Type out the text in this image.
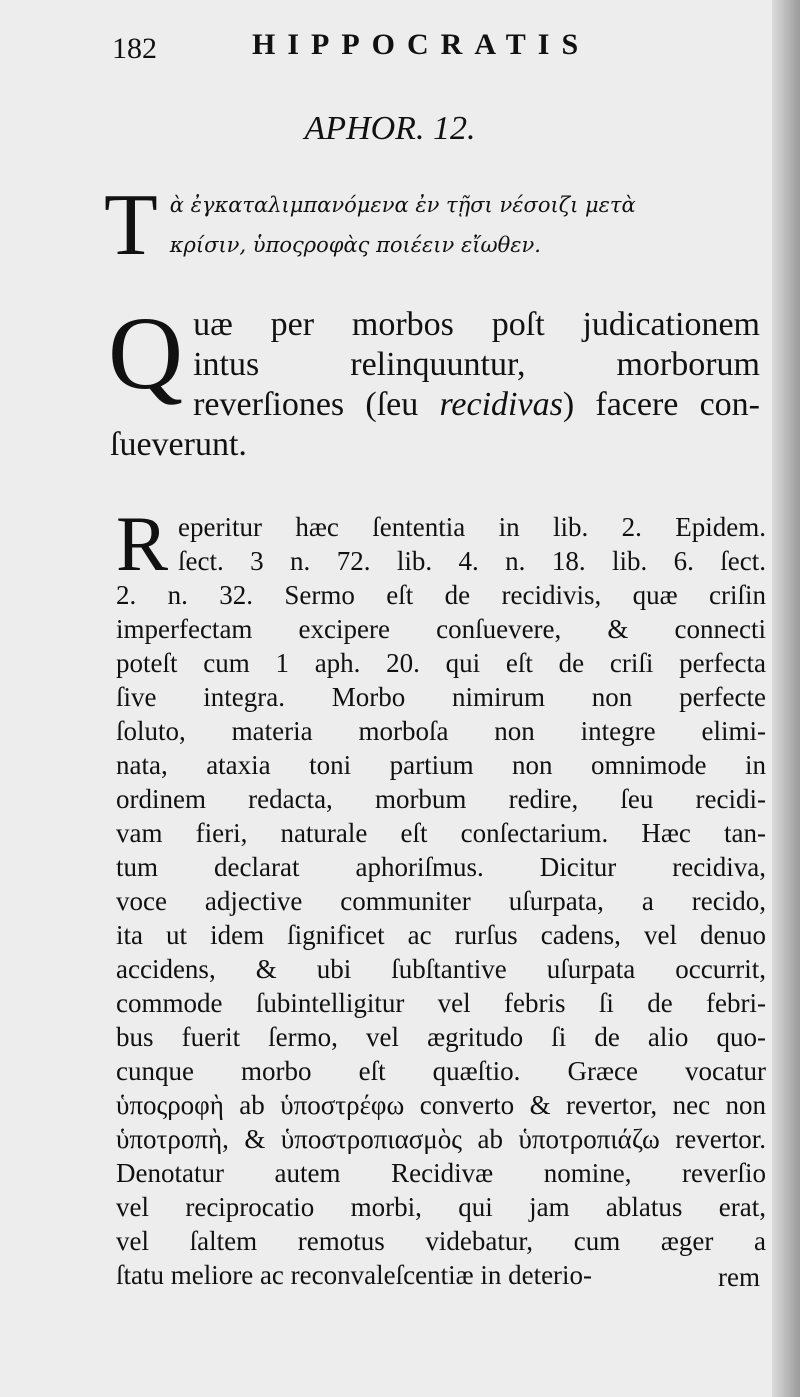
182	HIPPOCRATIS
APHOR. 12.
T ὰ ἐγκαταλιμπανόμενα ἐν τῇσι νέσοιζι μετὰ
κρίσιν, ὑποςροφὰς ποιέειν εἴωθεν.
Q uæ per morbos poſt judicationem
intus relinquuntur, morborum
reverſiones (ſeu recidivas) facere con-
ſueverunt.
R eperitur hæc ſententia in lib. 2. Epidem.
ſect. 3 n. 72. lib. 4. n. 18. lib. 6. ſect.
2. n. 32. Sermo eſt de recidivis, quæ criſin
imperfectam excipere conſuevere, & connecti
poteſt cum 1 aph. 20. qui eſt de criſi perfecta
ſive integra. Morbo nimirum non perfecte
ſoluto, materia morboſa non integre elimi-
nata, ataxia toni partium non omnimode in
ordinem redacta, morbum redire, ſeu recidi-
vam fieri, naturale eſt conſectarium. Hæc tan-
tum declarat aphoriſmus. Dicitur recidiva,
voce adjective communiter uſurpata, a recido,
ita ut idem ſignificet ac rurſus cadens, vel denuo
accidens, & ubi ſubſtantive uſurpata occurrit,
commode ſubintelligitur vel febris ſi de febri-
bus fuerit ſermo, vel ægritudo ſi de alio quo-
cunque morbo eſt quæſtio. Græce vocatur
ὑποςροφὴ ab ὑποστρέφω converto & revertor, nec non
ὑποτροπὴ, & ὑποστροπιασμὸς ab ὑποτροπιάζω revertor.
Denotatur autem Recidivæ nomine, reverſio
vel reciprocatio morbi, qui jam ablatus erat,
vel ſaltem remotus videbatur, cum æger a
ſtatu meliore ac reconvaleſcentiæ in deterio-	rem
